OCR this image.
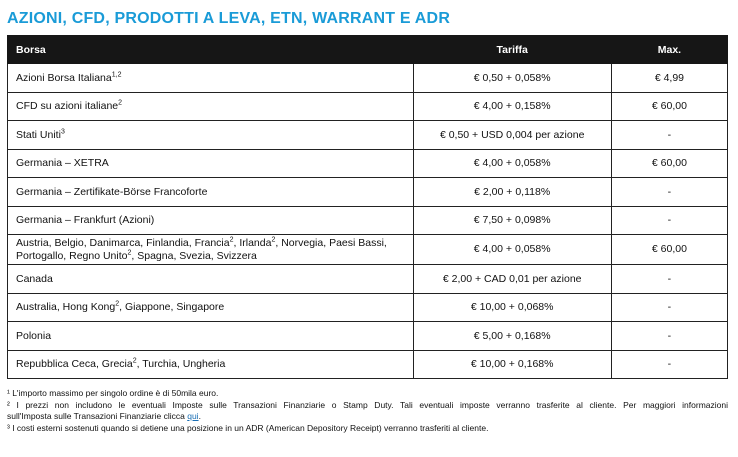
AZIONI, CFD, PRODOTTI A LEVA, ETN, WARRANT E ADR
Borsa	Tariffa	Max.
Azioni Borsa Italiana$^{1,2}$	€ 0,50 + 0,058%	€ 4,99
CFD su azioni italiane$^2$	€ 4,00 + 0,158%	€ 60,00
Stati Uniti$^3$	€ 0,50 + USD 0,004 per azione	-
Germania – XETRA	€ 4,00 + 0,058%	€ 60,00
Germania – Zertifikate-Börse Francoforte	€ 2,00 + 0,118%	-
Germania – Frankfurt (Azioni)	€ 7,50 + 0,098%	-
Austria, Belgio, Danimarca, Finlandia, Francia$^2$, Irlanda$^2$, Norvegia, Paesi Bassi,
Portogallo, Regno Unito$^2$, Spagna, Svezia, Svizzera	€ 4,00 + 0,058%	€ 60,00
Canada	€ 2,00 + CAD 0,01 per azione	-
Australia, Hong Kong$^2$, Giappone, Singapore	€ 10,00 + 0,068%	-
Polonia	€ 5,00 + 0,168%	-
Repubblica Ceca, Grecia$^2$, Turchia, Ungheria	€ 10,00 + 0,168%	-

¹ L'importo massimo per singolo ordine è di 50mila euro.

² I prezzi non includono le eventuali Imposte sulle Transazioni Finanziarie o Stamp Duty. Tali eventuali imposte verranno trasferite al cliente. Per maggiori informazioni

sull'Imposta sulle Transazioni Finanziarie clicca qui.

³ I costi esterni sostenuti quando si detiene una posizione in un ADR (American Depository Receipt) verranno trasferiti al cliente.
